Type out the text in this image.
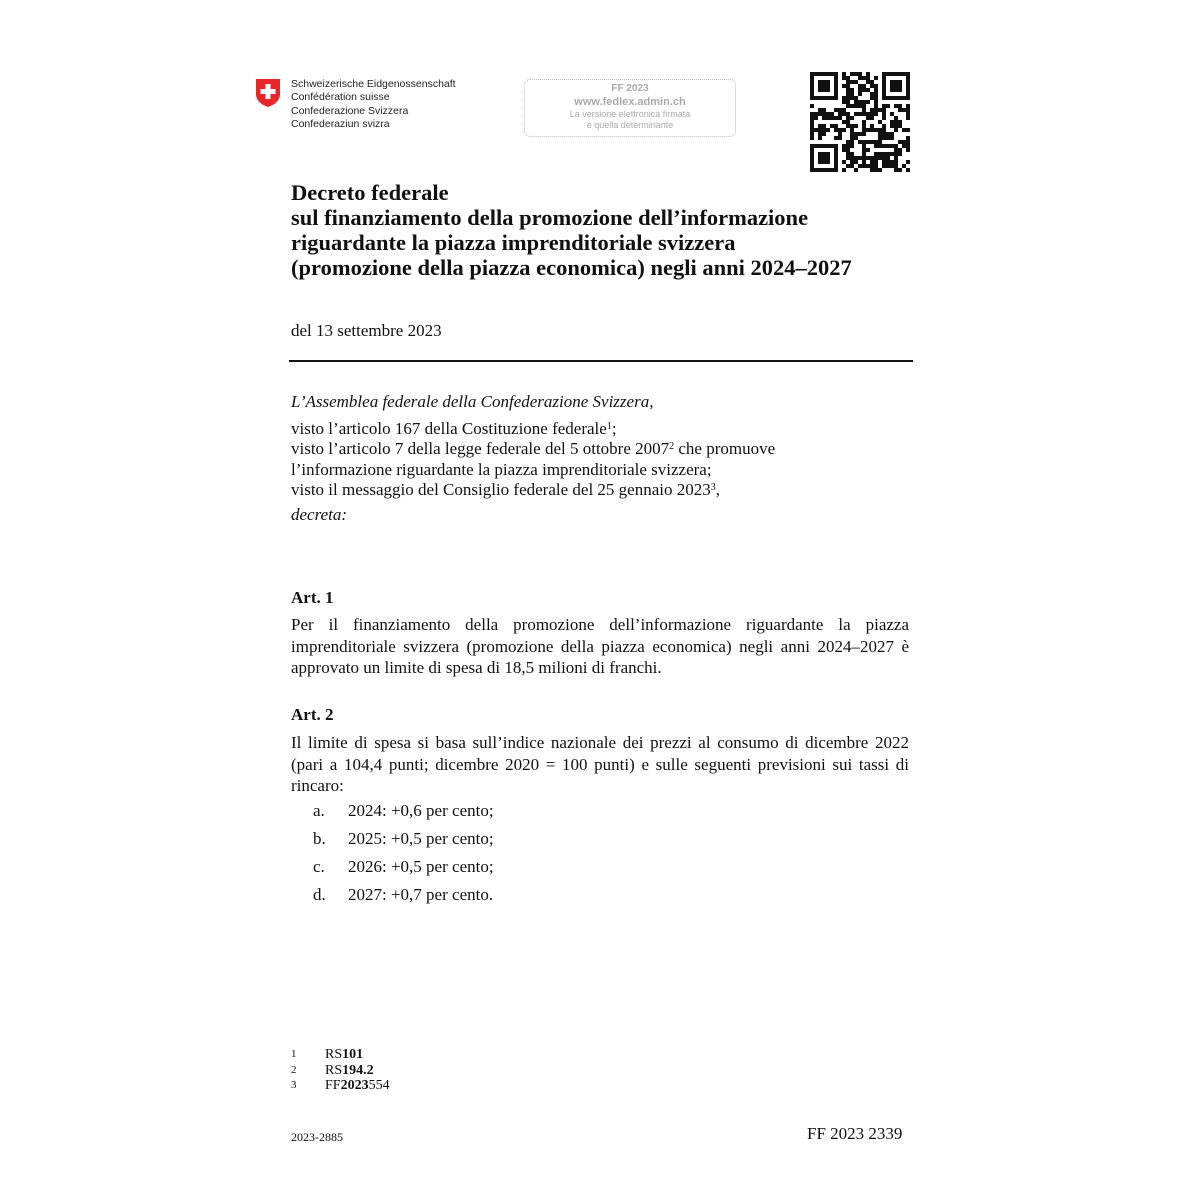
Schweizerische Eidgenossenschaft
Confédération suisse
Confederazione Svizzera
Confederaziun svizra
FF 2023
www.fedlex.admin.ch
La versione elettronica firmata
è quella determinante
Decreto federale
sul finanziamento della promozione dell’informazione
riguardante la piazza imprenditoriale svizzera
(promozione della piazza economica) negli anni 2024–2027
del 13 settembre 2023
L’Assemblea federale della Confederazione Svizzera,
visto l’articolo 167 della Costituzione federale$^1$;
visto l’articolo 7 della legge federale del 5 ottobre 2007$^2$ che promuove
l’informazione riguardante la piazza imprenditoriale svizzera;
visto il messaggio del Consiglio federale del 25 gennaio 2023$^3$,
decreta:
Art. 1
Per il finanziamento della promozione dell’informazione riguardante la piazza imprenditoriale svizzera (promozione della piazza economica) negli anni 2024–2027 è approvato un limite di spesa di 18,5 milioni di franchi.
Art. 2
Il limite di spesa si basa sull’indice nazionale dei prezzi al consumo di dicembre 2022 (pari a 104,4 punti; dicembre 2020 = 100 punti) e sulle seguenti previsioni sui tassi di rincaro:
a.	2024: +0,6 per cento;
b.	2025: +0,5 per cento;
c.	2026: +0,5 per cento;
d.	2027: +0,7 per cento.
1	RS 101
2	RS 194.2
3	FF 2023 554
2023-2885	FF 2023 2339
